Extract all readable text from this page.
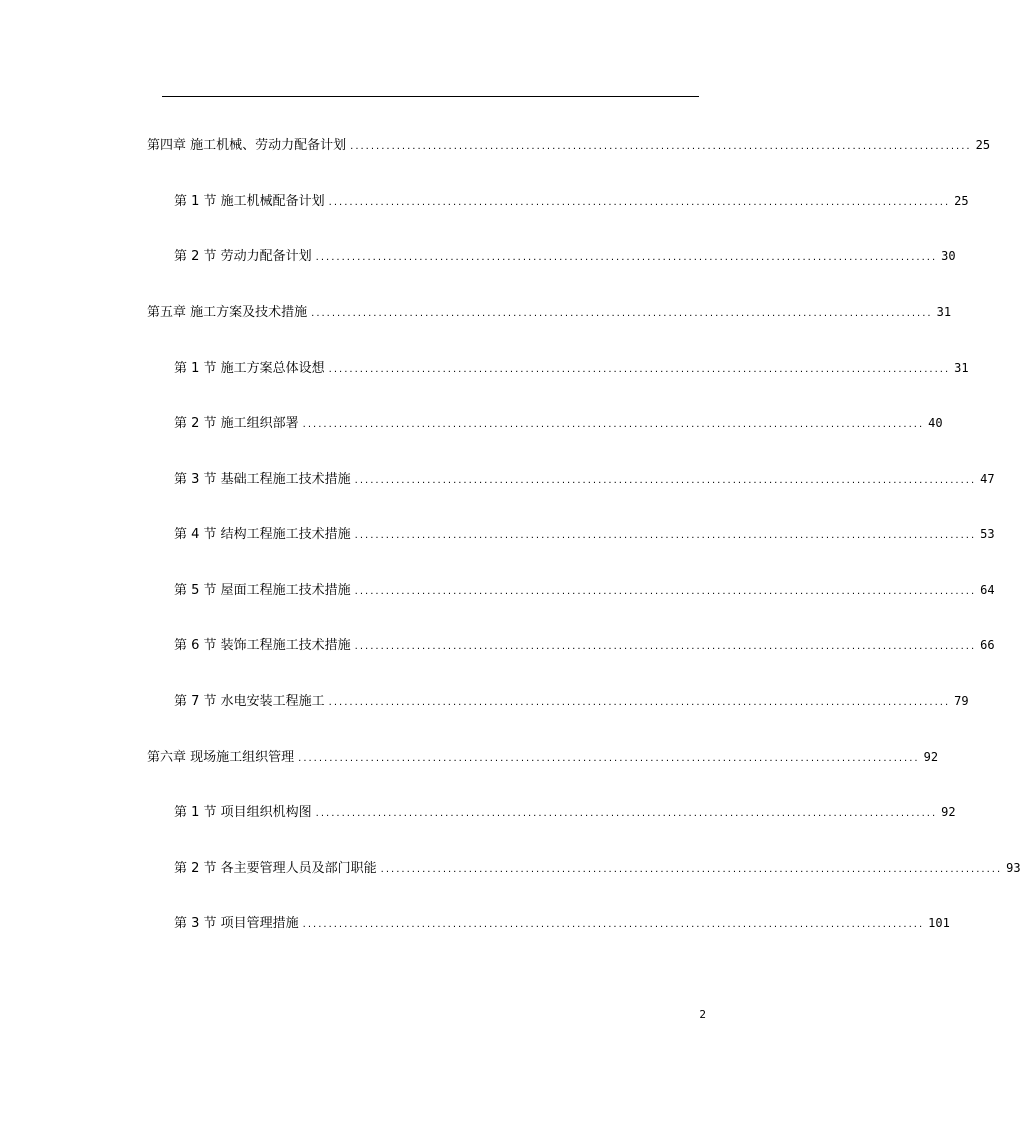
第四章 施工机械、劳动力配备计划 ........................................................................................................................ 25
第 1 节 施工机械配备计划 ........................................................................................................................ 25
第 2 节 劳动力配备计划 ........................................................................................................................ 30
第五章 施工方案及技术措施 ........................................................................................................................ 31
第 1 节 施工方案总体设想 ........................................................................................................................ 31
第 2 节 施工组织部署 ........................................................................................................................ 40
第 3 节 基础工程施工技术措施 ........................................................................................................................ 47
第 4 节 结构工程施工技术措施 ........................................................................................................................ 53
第 5 节 屋面工程施工技术措施 ........................................................................................................................ 64
第 6 节 装饰工程施工技术措施 ........................................................................................................................ 66
第 7 节 水电安装工程施工 ........................................................................................................................ 79
第六章 现场施工组织管理 ........................................................................................................................ 92
第 1 节 项目组织机构图 ........................................................................................................................ 92
第 2 节 各主要管理人员及部门职能 ........................................................................................................................ 93
第 3 节 项目管理措施 ........................................................................................................................ 101
2
